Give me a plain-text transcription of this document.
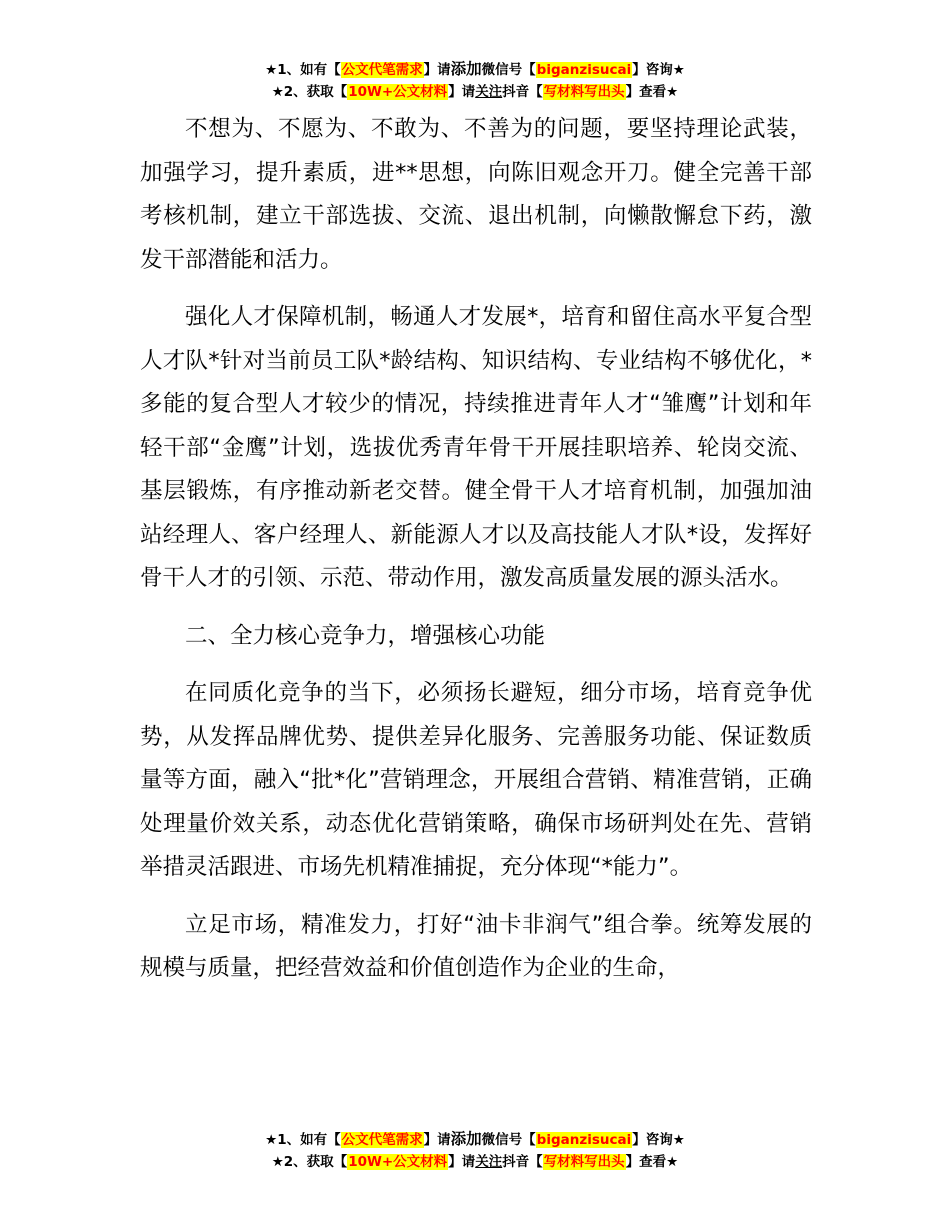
★1、如有【公文代笔需求】请添加微信号【biganzisucai】咨询★
★2、获取【10W+公文材料】请关注抖音【写材料写出头】查看★

不想为、不愿为、不敢为、不善为的问题，要坚持理论武装，加强学习，提升素质，进**思想，向陈旧观念开刀。健全完善干部考核机制，建立干部选拔、交流、退出机制，向懒散懈怠下药，激发干部潜能和活力。

强化人才保障机制，畅通人才发展*，培育和留住高水平复合型人才队*针对当前员工队*龄结构、知识结构、专业结构不够优化，*多能的复合型人才较少的情况，持续推进青年人才“雏鹰”计划和年轻干部“金鹰”计划，选拔优秀青年骨干开展挂职培养、轮岗交流、基层锻炼，有序推动新老交替。健全骨干人才培育机制，加强加油站经理人、客户经理人、新能源人才以及高技能人才队*设，发挥好骨干人才的引领、示范、带动作用，激发高质量发展的源头活水。

二、全力核心竞争力，增强核心功能

在同质化竞争的当下，必须扬长避短，细分市场，培育竞争优势，从发挥品牌优势、提供差异化服务、完善服务功能、保证数质量等方面，融入“批*化”营销理念，开展组合营销、精准营销，正确处理量价效关系，动态优化营销策略，确保市场研判处在先、营销举措灵活跟进、市场先机精准捕捉，充分体现“*能力”。

立足市场，精准发力，打好“油卡非润气”组合拳。统筹发展的规模与质量，把经营效益和价值创造作为企业的生命，

★1、如有【公文代笔需求】请添加微信号【biganzisucai】咨询★
★2、获取【10W+公文材料】请关注抖音【写材料写出头】查看★
